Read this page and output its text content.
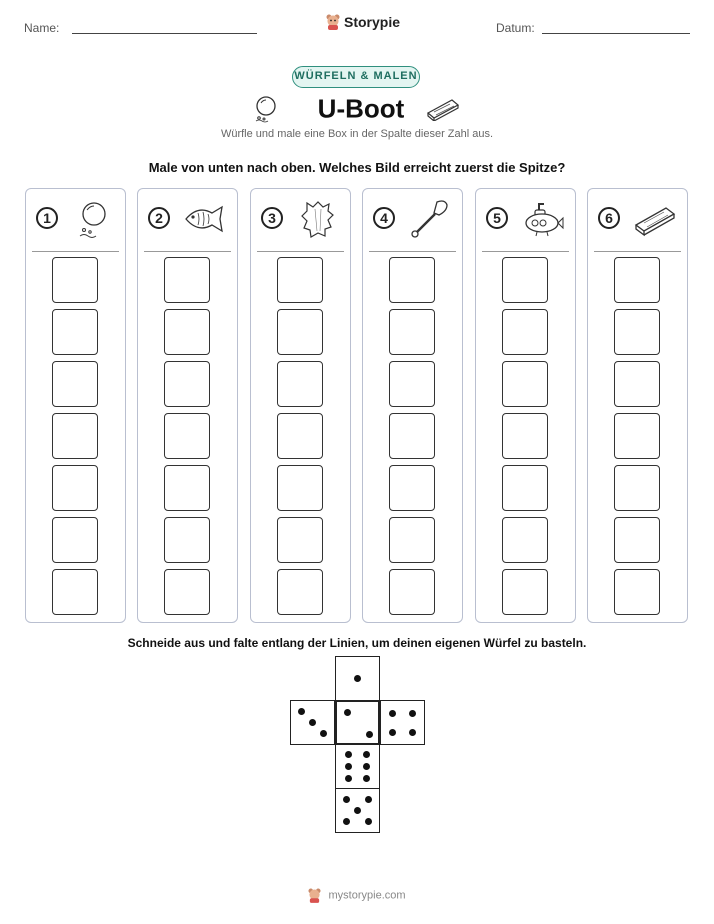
Name:	Storypie	Datum:
WÜRFELN & MALEN
U-Boot
Würfle und male eine Box in der Spalte dieser Zahl aus.
Male von unten nach oben. Welches Bild erreicht zuerst die Spitze?
1	2	3	4	5	6
Schneide aus und falte entlang der Linien, um deinen eigenen Würfel zu basteln.
mystorypie.com
